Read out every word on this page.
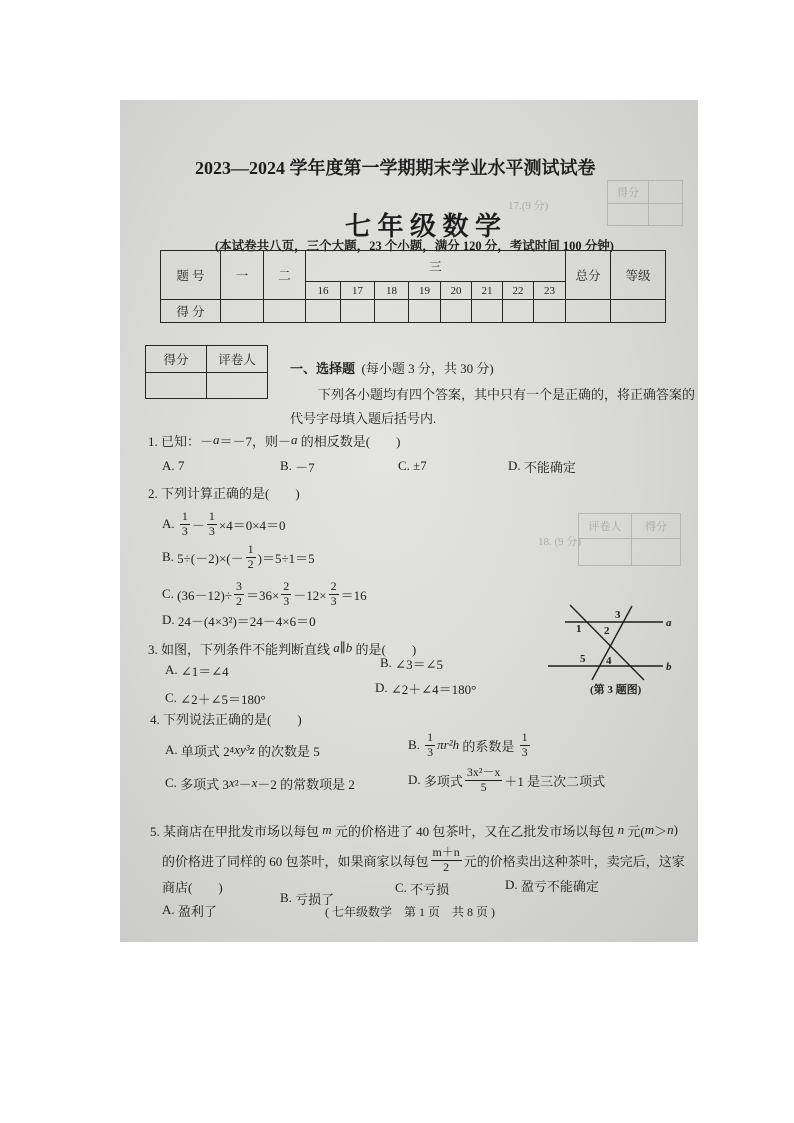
得分	

17.(9 分)
18. (9 分)
评卷人	得分

2023—2024 学年度第一学期期末学业水平测试试卷
七 年 级 数 学
(本试卷共八页，三个大题，23 个小题，满分 120 分，考试时间 100 分钟)
题 号	一	二	三								总分	等级
			16	17	18	19	20	21	22	23		
得 分												
得分	评卷人

一、选择题 (每小题 3 分，共 30 分)
下列各小题均有四个答案，其中只有一个是正确的，将正确答案的
代号字母填入题后括号内.
1. 已知：－ a ＝－7，则－ a 的相反数是(　　)
A. 7	B. －7	C. ±7	D. 不能确定
2. 下列计算正确的是(　　)
A. $\frac{1}{3} - \frac{1}{3} \times 4=0\times 4=0$
B. $5\div(-2)\times(- \frac{1}{2} )=5\div 1=5$
C. $(36-12)\div \frac{3}{2} =36\times \frac{2}{3} -12\times \frac{2}{3} =16$
D. 24－(4×3²)＝24－4×6＝0
3. 如图，下列条件不能判断直线 a ∥ b 的是(　　)
A. ∠1＝∠4
B. ∠3＝∠5
C. ∠2＋∠5＝180°
D. ∠2＋∠4＝180°
a
b
1 2
3
4
5
(第 3 题图)
4. 下列说法正确的是(　　)
A. 单项式 2⁴ xy³z 的次数是 5	B. $\frac{1}{3} \pi r^2h$ 的系数是 $\frac{1}{3}$
C. 多项式 3 x ²－ x －2 的常数项是 2	D. 多项式 $\frac{\text{3x²－x}}{5} +1$ 是三次二项式
5. 某商店在甲批发市场以每包 m 元的价格进了 40 包茶叶，又在乙批发市场以每包 n 元( m ＞ n )
的价格进了同样的 60 包茶叶，如果商家以每包 $\frac{m+n}{2}$ 元的价格卖出这种茶叶，卖完后，这家
商店(　　)
A. 盈利了
B. 亏损了
C. 不亏损	D. 盈亏不能确定
( 七年级数学　第 1 页　共 8 页 )
